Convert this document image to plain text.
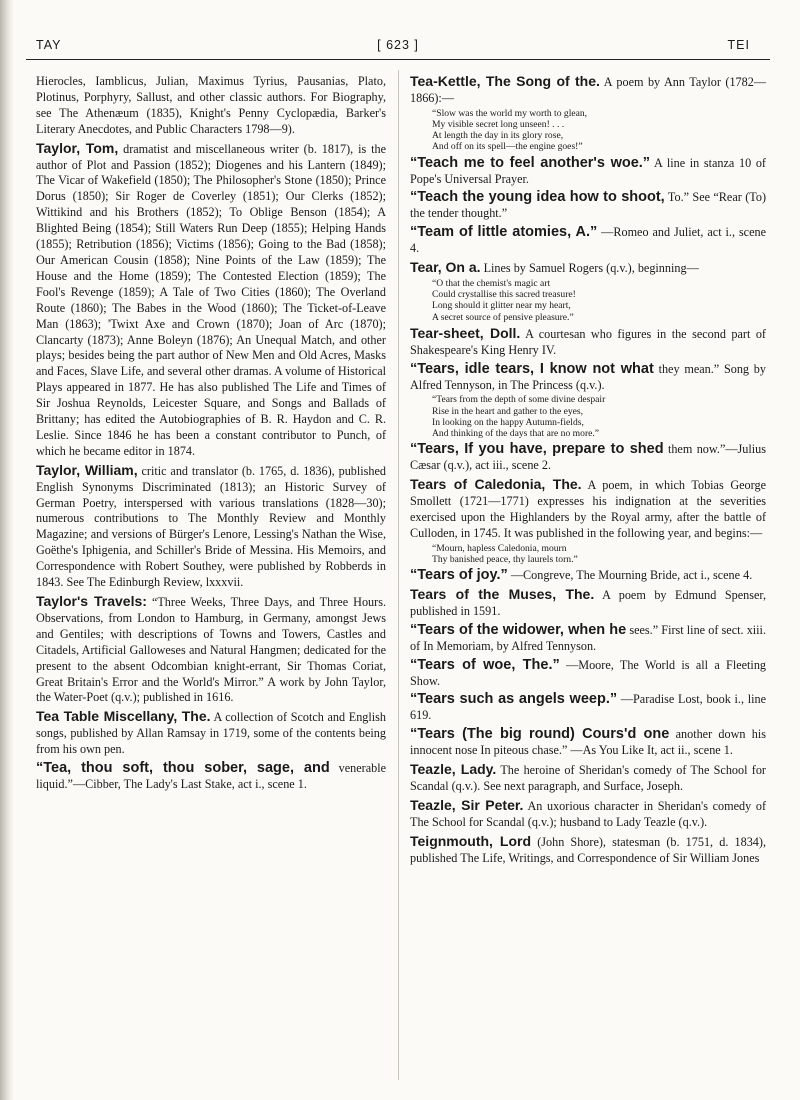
TAY	[ 623 ]	TEI

Hierocles, Iamblicus, Julian, Maximus Tyrius, Pausanias, Plato, Plotinus, Porphyry, Sallust, and other classic authors. For Biography, see The Athenæum (1835), Knight's Penny Cyclopædia, Barker's Literary Anecdotes, and Public Characters 1798—9).

Taylor, Tom, dramatist and miscellaneous writer (b. 1817), is the author of Plot and Passion (1852); Diogenes and his Lantern (1849); The Vicar of Wakefield (1850); The Philosopher's Stone (1850); Prince Dorus (1850); Sir Roger de Coverley (1851); Our Clerks (1852); Wittikind and his Brothers (1852); To Oblige Benson (1854); A Blighted Being (1854); Still Waters Run Deep (1855); Helping Hands (1855); Retribution (1856); Victims (1856); Going to the Bad (1858); Our American Cousin (1858); Nine Points of the Law (1859); The House and the Home (1859); The Contested Election (1859); The Fool's Revenge (1859); A Tale of Two Cities (1860); The Overland Route (1860); The Babes in the Wood (1860); The Ticket-of-Leave Man (1863); 'Twixt Axe and Crown (1870); Joan of Arc (1870); Clancarty (1873); Anne Boleyn (1876); An Unequal Match, and other plays; besides being the part author of New Men and Old Acres, Masks and Faces, Slave Life, and several other dramas. A volume of Historical Plays appeared in 1877. He has also published The Life and Times of Sir Joshua Reynolds, Leicester Square, and Songs and Ballads of Brittany; has edited the Autobiographies of B. R. Haydon and C. R. Leslie. Since 1846 he has been a constant contributor to Punch, of which he became editor in 1874.

Taylor, William, critic and translator (b. 1765, d. 1836), published English Synonyms Discriminated (1813); an Historic Survey of German Poetry, interspersed with various translations (1828—30); numerous contributions to The Monthly Review and Monthly Magazine; and versions of Bürger's Lenore, Lessing's Nathan the Wise, Goëthe's Iphigenia, and Schiller's Bride of Messina. His Memoirs, and Correspondence with Robert Southey, were published by Robberds in 1843. See The Edinburgh Review, lxxxvii.

Taylor's Travels: “Three Weeks, Three Days, and Three Hours. Observations, from London to Hamburg, in Germany, amongst Jews and Gentiles; with descriptions of Towns and Towers, Castles and Citadels, Artificial Galloweses and Natural Hangmen; dedicated for the present to the absent Odcombian knight-errant, Sir Thomas Coriat, Great Britain's Error and the World's Mirror.” A work by John Taylor, the Water-Poet (q.v.); published in 1616.

Tea Table Miscellany, The. A collection of Scotch and English songs, published by Allan Ramsay in 1719, some of the contents being from his own pen.

“Tea, thou soft, thou sober, sage, and venerable liquid.”—Cibber, The Lady's Last Stake, act i., scene 1.

Tea-Kettle, The Song of the. A poem by Ann Taylor (1782—1866):—

“Slow was the world my worth to glean,
My visible secret long unseen! . . .
At length the day in its glory rose,
And off on its spell—the engine goes!”

“Teach me to feel another's woe.” A line in stanza 10 of Pope's Universal Prayer.

“Teach the young idea how to shoot, To.” See “Rear (To) the tender thought.”

“Team of little atomies, A.” —Romeo and Juliet, act i., scene 4.

Tear, On a. Lines by Samuel Rogers (q.v.), beginning—

“O that the chemist's magic art
Could crystallise this sacred treasure!
Long should it glitter near my heart,
A secret source of pensive pleasure.”

Tear-sheet, Doll. A courtesan who figures in the second part of Shakespeare's King Henry IV.

“Tears, idle tears, I know not what they mean.” Song by Alfred Tennyson, in The Princess (q.v.).

“Tears from the depth of some divine despair
Rise in the heart and gather to the eyes,
In looking on the happy Autumn-fields,
And thinking of the days that are no more.”

“Tears, If you have, prepare to shed them now.”—Julius Cæsar (q.v.), act iii., scene 2.

Tears of Caledonia, The. A poem, in which Tobias George Smollett (1721—1771) expresses his indignation at the severities exercised upon the Highlanders by the Royal army, after the battle of Culloden, in 1745. It was published in the following year, and begins:—

“Mourn, hapless Caledonia, mourn
Thy banished peace, thy laurels torn.”

“Tears of joy.” —Congreve, The Mourning Bride, act i., scene 4.

Tears of the Muses, The. A poem by Edmund Spenser, published in 1591.

“Tears of the widower, when he sees.” First line of sect. xiii. of In Memoriam, by Alfred Tennyson.

“Tears of woe, The.” —Moore, The World is all a Fleeting Show.

“Tears such as angels weep.” —Paradise Lost, book i., line 619.

“Tears (The big round) Cours'd one another down his innocent nose In piteous chase.” —As You Like It, act ii., scene 1.

Teazle, Lady. The heroine of Sheridan's comedy of The School for Scandal (q.v.). See next paragraph, and Surface, Joseph.

Teazle, Sir Peter. An uxorious character in Sheridan's comedy of The School for Scandal (q.v.); husband to Lady Teazle (q.v.).

Teignmouth, Lord (John Shore), statesman (b. 1751, d. 1834), published The Life, Writings, and Correspondence of Sir William Jones
